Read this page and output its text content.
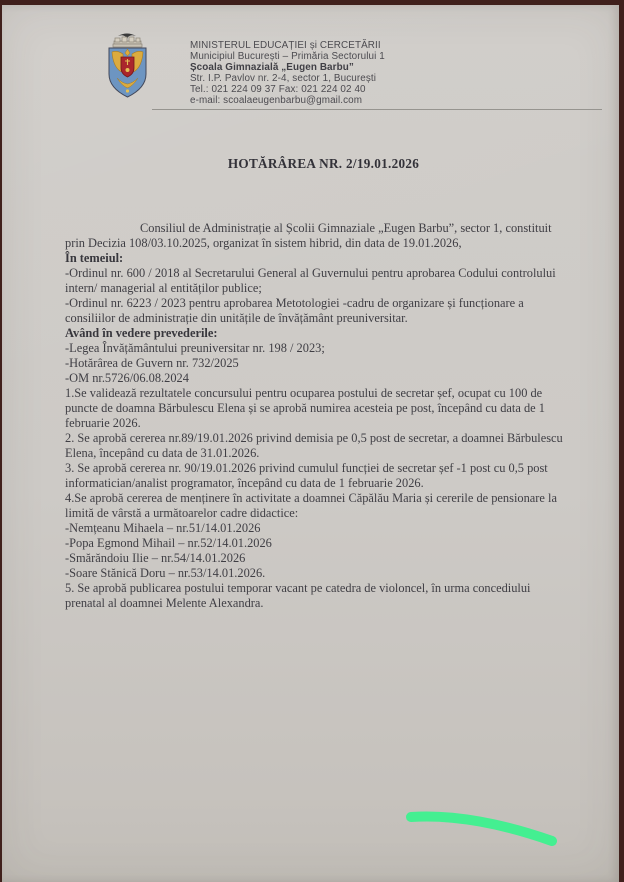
MINISTERUL EDUCAȚIEI și CERCETĂRII
Municipiul București – Primăria Sectorului 1
Școala Gimnazială „Eugen Barbu”
Str. I.P. Pavlov nr. 2-4, sector 1, București
Tel.: 021 224 09 37 Fax: 021 224 02 40
e-mail: scoalaeugenbarbu@gmail.com
HOTĂRÂREA NR. 2/19.01.2026

Consiliul de Administrație al Școlii Gimnaziale „Eugen Barbu”, sector 1, constituit prin Decizia 108/03.10.2025, organizat în sistem hibrid, din data de 19.01.2026,

În temeiul:

-Ordinul nr. 600 / 2018 al Secretarului General al Guvernului pentru aprobarea Codului controlului intern/ managerial al entităților publice;

-Ordinul nr. 6223 / 2023 pentru aprobarea Metotologiei -cadru de organizare și funcționare a consiliilor de administrație din unitățile de învățământ preuniversitar.

Având în vedere prevederile:

-Legea Învățământului preuniversitar nr. 198 / 2023;

-Hotărârea de Guvern nr. 732/2025

-OM nr.5726/06.08.2024

1.Se validează rezultatele concursului pentru ocuparea postului de secretar șef, ocupat cu 100 de puncte de doamna Bărbulescu Elena și se aprobă numirea acesteia pe post, începând cu data de 1 februarie 2026.

2. Se aprobă cererea nr.89/19.01.2026 privind demisia pe 0,5 post de secretar, a doamnei Bărbulescu Elena, începând cu data de 31.01.2026.

3. Se aprobă cererea nr. 90/19.01.2026 privind cumulul funcției de secretar șef -1 post cu 0,5 post informatician/analist programator, începând cu data de 1 februarie 2026.

4.Se aprobă cererea de menținere în activitate a doamnei Căpălău Maria și cererile de pensionare la limită de vârstă a următoarelor cadre didactice:

-Nemțeanu Mihaela – nr.51/14.01.2026

-Popa Egmond Mihail – nr.52/14.01.2026

-Smărăndoiu Ilie – nr.54/14.01.2026

-Soare Stănică Doru – nr.53/14.01.2026.

5. Se aprobă publicarea postului temporar vacant pe catedra de violoncel, în urma concediului prenatal al doamnei Melente Alexandra.
